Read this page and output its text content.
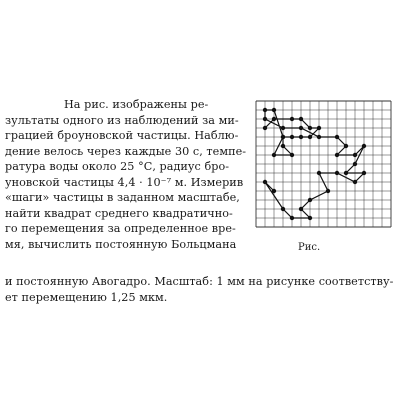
На рис. изображены ре-
зультаты одного из наблюдений за ми-
грацией броуновской частицы. Наблю-
дение велось через каждые 30 с, темпе-
ратура воды около 25 °С, радиус бро-
уновской частицы 4,4 · 10⁻⁷ м. Измерив
«шаги» частицы в заданном масштабе,
найти квадрат среднего квадратично-
го перемещения за определенное вре-
мя, вычислить постоянную Больцмана	Рис.
и постоянную Авогадро. Масштаб: 1 мм на рисунке соответству-
ет перемещению 1,25 мкм.
